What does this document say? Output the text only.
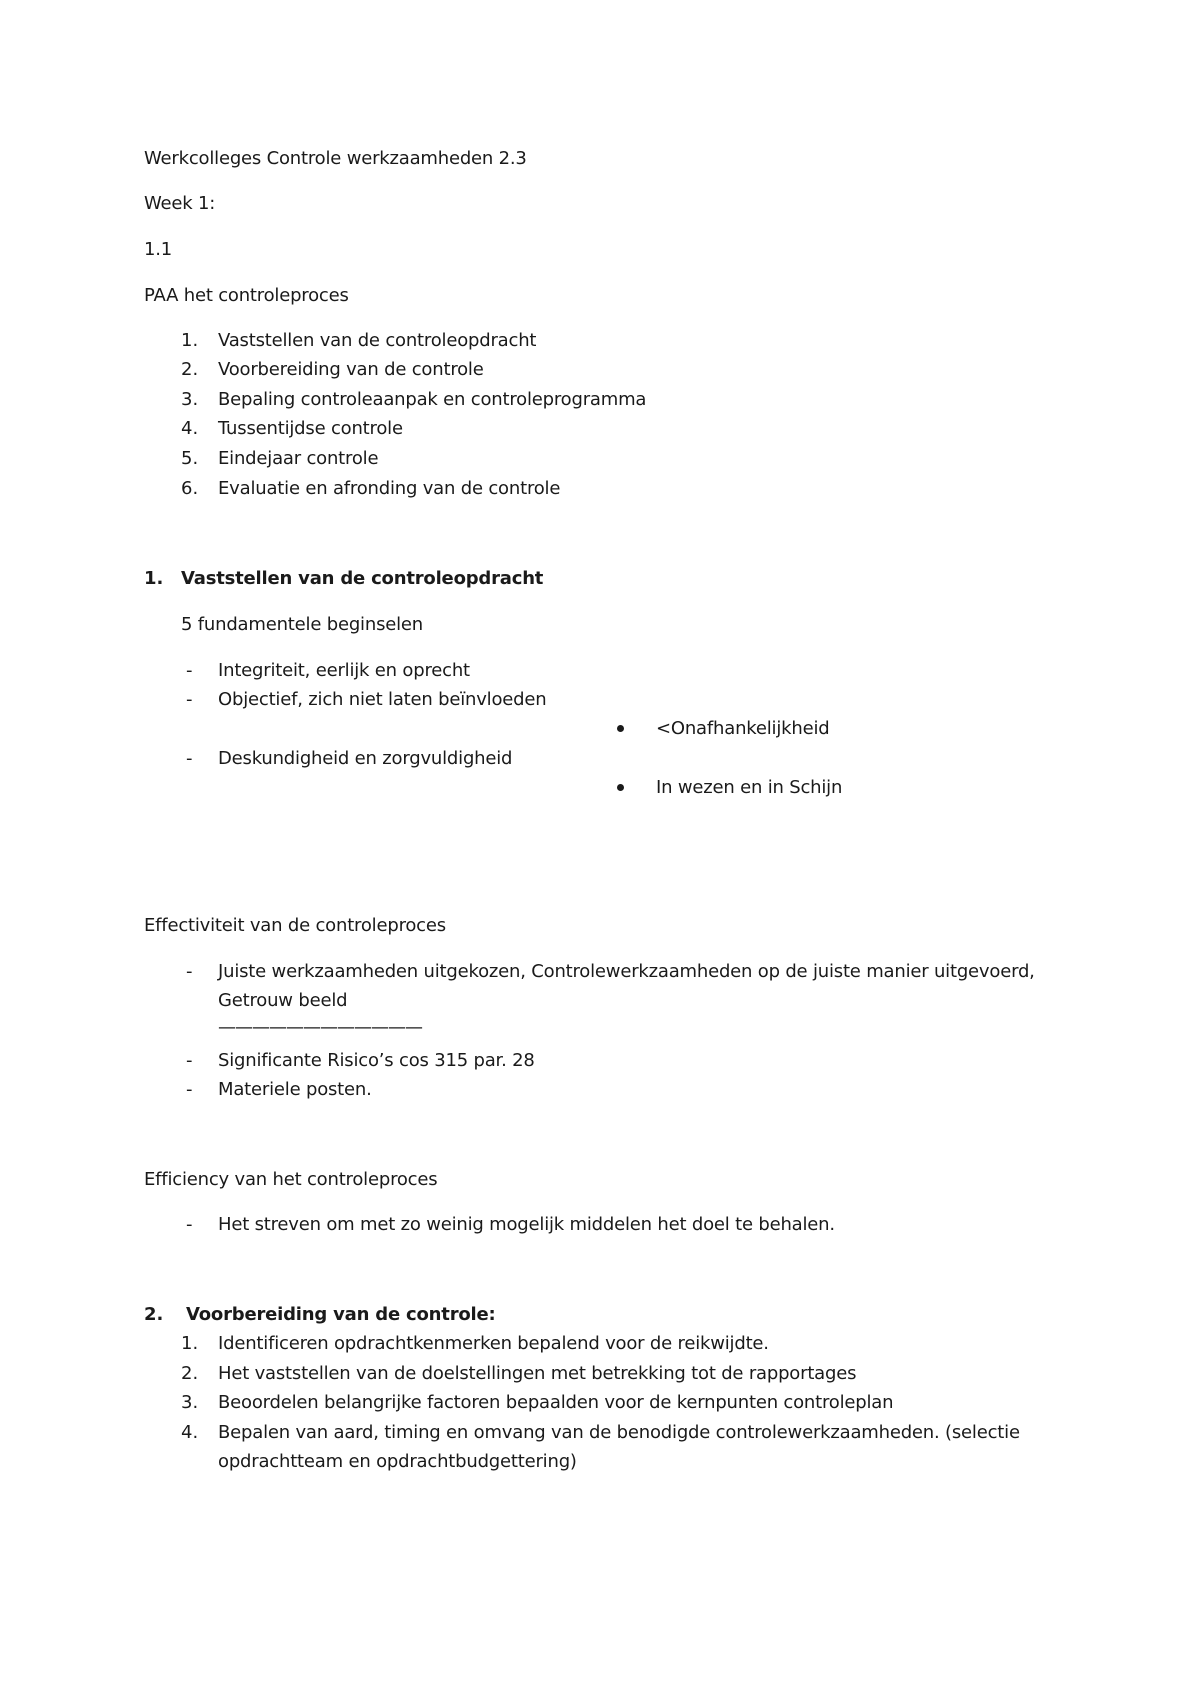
Werkcolleges Controle werkzaamheden 2.3
Week 1:
1.1
PAA het controleproces
1. Vaststellen van de controleopdracht
2. Voorbereiding van de controle
3. Bepaling controleaanpak en controleprogramma
4. Tussentijdse controle
5. Eindejaar controle
6. Evaluatie en afronding van de controle
1. Vaststellen van de controleopdracht
5 fundamentele beginselen
- Integriteit, eerlijk en oprecht
- Objectief, zich niet laten beïnvloeden
- Deskundigheid en zorgvuldigheid
<Onafhankelijkheid
In wezen en in Schijn
Effectiviteit van de controleproces
- Juiste werkzaamheden uitgekozen, Controlewerkzaamheden op de juiste manier uitgevoerd,
Getrouw beeld
————————————
- Significante Risico’s cos 315 par. 28
- Materiele posten.
Efficiency van het controleproces
- Het streven om met zo weinig mogelijk middelen het doel te behalen.
2. Voorbereiding van de controle:
1. Identificeren opdrachtkenmerken bepalend voor de reikwijdte.
2. Het vaststellen van de doelstellingen met betrekking tot de rapportages
3. Beoordelen belangrijke factoren bepaalden voor de kernpunten controleplan
4. Bepalen van aard, timing en omvang van de benodigde controlewerkzaamheden. (selectie
opdrachtteam en opdrachtbudgettering)
